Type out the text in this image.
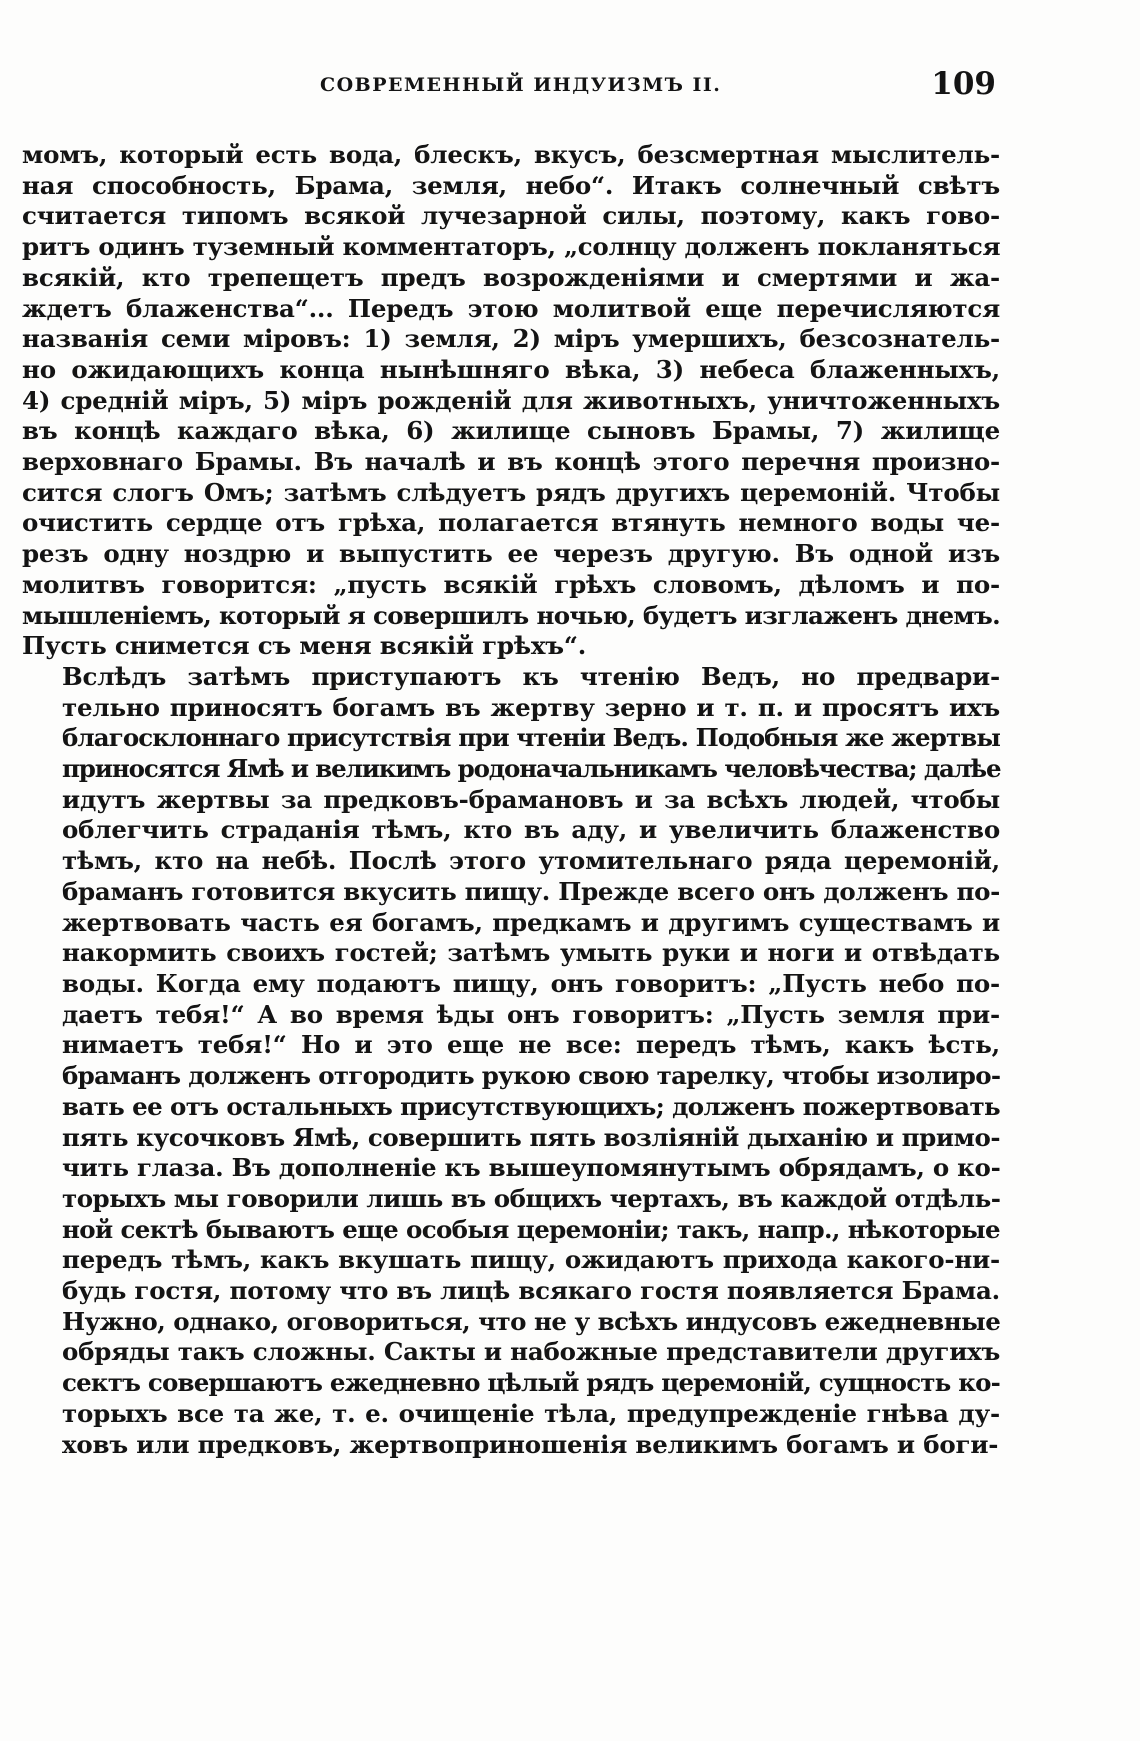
СОВРЕМЕННЫЙ ИНДУИЗМЪ II.	109
момъ, который есть вода, блескъ, вкусъ, безсмертная мыслитель-
ная способность, Брама, земля, небо“. Итакъ солнечный свѣтъ
считается типомъ всякой лучезарной силы, поэтому, какъ гово-
ритъ одинъ туземный комментаторъ, „солнцу долженъ покланяться
всякій, кто трепещетъ предъ возрожденіями и смертями и жа-
ждетъ блаженства“... Передъ этою молитвой еще перечисляются
названія семи міровъ: 1) земля, 2) міръ умершихъ, безсознатель-
но ожидающихъ конца нынѣшняго вѣка, 3) небеса блаженныхъ,
4) средній міръ, 5) міръ рожденій для животныхъ, уничтоженныхъ
въ концѣ каждаго вѣка, 6) жилище сыновъ Брамы, 7) жилище
верховнаго Брамы. Въ началѣ и въ концѣ этого перечня произно-
сится слогъ Омъ; затѣмъ слѣдуетъ рядъ другихъ церемоній. Чтобы
очистить сердце отъ грѣха, полагается втянуть немного воды че-
резъ одну ноздрю и выпустить ее черезъ другую. Въ одной изъ
молитвъ говорится: „пусть всякій грѣхъ словомъ, дѣломъ и по-
мышленіемъ, который я совершилъ ночью, будетъ изглаженъ днемъ.
Пусть снимется съ меня всякій грѣхъ“.
Вслѣдъ затѣмъ приступаютъ къ чтенію Ведъ, но предвари-
тельно приносятъ богамъ въ жертву зерно и т. п. и просятъ ихъ
благосклоннаго присутствія при чтеніи Ведъ. Подобныя же жертвы
приносятся Ямѣ и великимъ родоначальникамъ человѣчества; далѣе
идутъ жертвы за предковъ-брамановъ и за всѣхъ людей, чтобы
облегчить страданія тѣмъ, кто въ аду, и увеличить блаженство
тѣмъ, кто на небѣ. Послѣ этого утомительнаго ряда церемоній,
браманъ готовится вкусить пищу. Прежде всего онъ долженъ по-
жертвовать часть ея богамъ, предкамъ и другимъ существамъ и
накормить своихъ гостей; затѣмъ умыть руки и ноги и отвѣдать
воды. Когда ему подаютъ пищу, онъ говоритъ: „Пусть небо по-
даетъ тебя!“ А во время ѣды онъ говоритъ: „Пусть земля при-
нимаетъ тебя!“ Но и это еще не все: передъ тѣмъ, какъ ѣсть,
браманъ долженъ отгородить рукою свою тарелку, чтобы изолиро-
вать ее отъ остальныхъ присутствующихъ; долженъ пожертвовать
пять кусочковъ Ямѣ, совершить пять возліяній дыханію и примо-
чить глаза. Въ дополненіе къ вышеупомянутымъ обрядамъ, о ко-
торыхъ мы говорили лишь въ общихъ чертахъ, въ каждой отдѣль-
ной сектѣ бываютъ еще особыя церемоніи; такъ, напр., нѣкоторые
передъ тѣмъ, какъ вкушать пищу, ожидаютъ прихода какого-ни-
будь гостя, потому что въ лицѣ всякаго гостя появляется Брама.
Нужно, однако, оговориться, что не у всѣхъ индусовъ ежедневные
обряды такъ сложны. Сакты и набожные представители другихъ
сектъ совершаютъ ежедневно цѣлый рядъ церемоній, сущность ко-
торыхъ все та же, т. е. очищеніе тѣла, предупрежденіе гнѣва ду-
ховъ или предковъ, жертвоприношенія великимъ богамъ и боги-
